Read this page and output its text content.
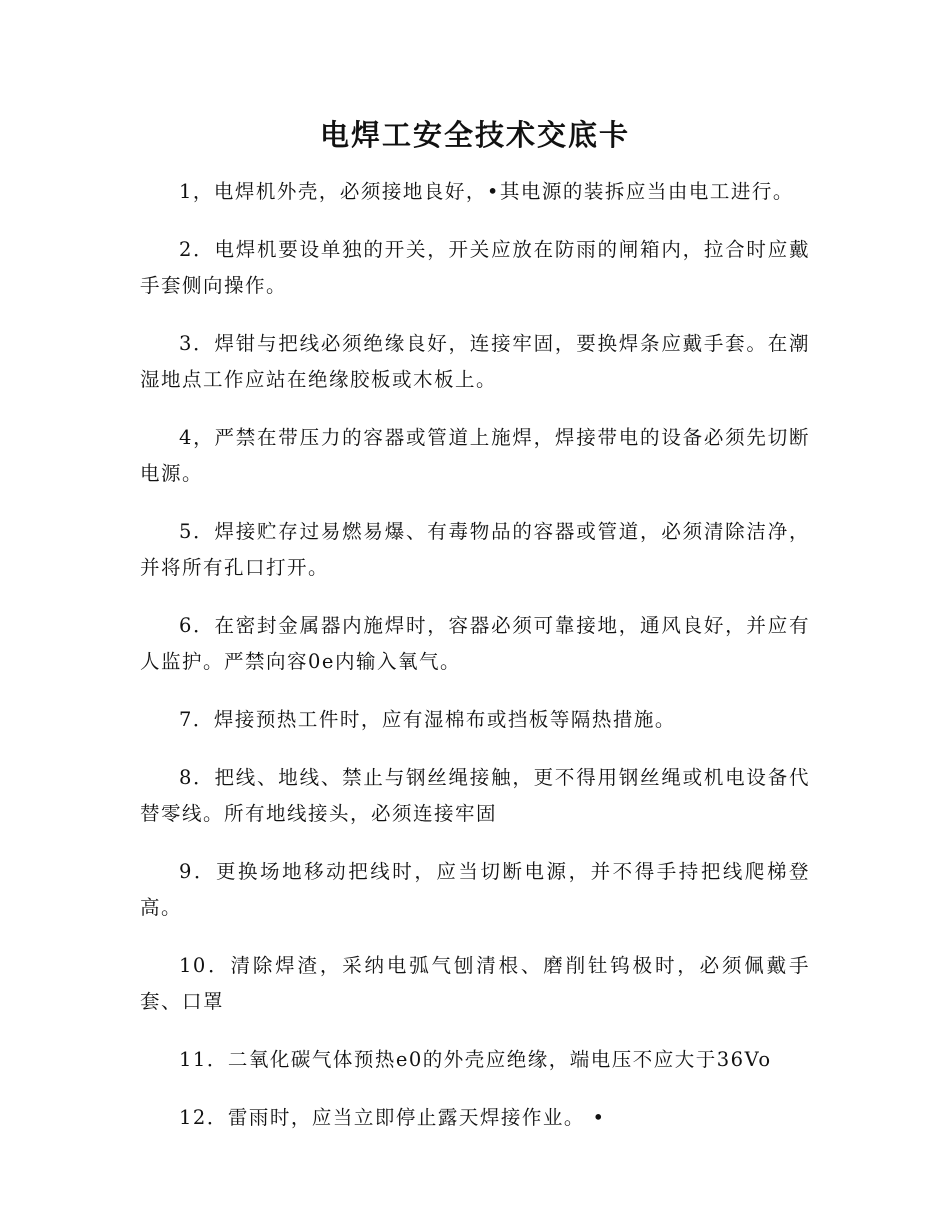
电焊工安全技术交底卡

1，电焊机外壳，必须接地良好，•其电源的装拆应当由电工进行。

2．电焊机要设单独的开关，开关应放在防雨的闸箱内，拉合时应戴手套侧向操作。

3．焊钳与把线必须绝缘良好，连接牢固，要换焊条应戴手套。在潮湿地点工作应站在绝缘胶板或木板上。

4，严禁在带压力的容器或管道上施焊，焊接带电的设备必须先切断电源。

5．焊接贮存过易燃易爆、有毒物品的容器或管道，必须清除洁净，并将所有孔口打开。

6．在密封金属器内施焊时，容器必须可靠接地，通风良好，并应有人监护。严禁向容0e内输入氧气。

7．焊接预热工件时，应有湿棉布或挡板等隔热措施。

8．把线、地线、禁止与钢丝绳接触，更不得用钢丝绳或机电设备代替零线。所有地线接头，必须连接牢固

9．更换场地移动把线时，应当切断电源，并不得手持把线爬梯登高。

10．清除焊渣，采纳电弧气刨清根、磨削钍钨极时，必须佩戴手套、口罩

11．二氧化碳气体预热e0的外壳应绝缘，端电压不应大于36Vo

12．雷雨时，应当立即停止露天焊接作业。 •
